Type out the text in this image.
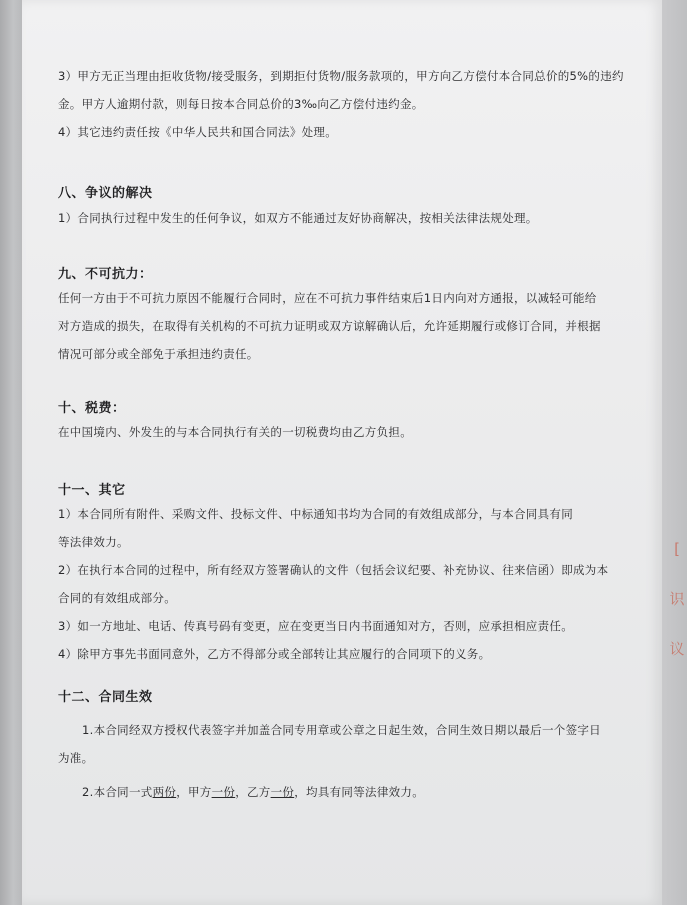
3）甲方无正当理由拒收货物/接受服务，到期拒付货物/服务款项的，甲方向乙方偿付本合同总价的5%的违约
金。甲方人逾期付款，则每日按本合同总价的3‰向乙方偿付违约金。
4）其它违约责任按《中华人民共和国合同法》处理。
八、争议的解决
1）合同执行过程中发生的任何争议，如双方不能通过友好协商解决，按相关法律法规处理。
九、不可抗力：
任何一方由于不可抗力原因不能履行合同时，应在不可抗力事件结束后1日内向对方通报，以减轻可能给
对方造成的损失，在取得有关机构的不可抗力证明或双方谅解确认后，允许延期履行或修订合同，并根据
情况可部分或全部免于承担违约责任。
十、税费：
在中国境内、外发生的与本合同执行有关的一切税费均由乙方负担。
十一、其它
1）本合同所有附件、采购文件、投标文件、中标通知书均为合同的有效组成部分，与本合同具有同
等法律效力。
2）在执行本合同的过程中，所有经双方签署确认的文件（包括会议纪要、补充协议、往来信函）即成为本
合同的有效组成部分。
3）如一方地址、电话、传真号码有变更，应在变更当日内书面通知对方，否则，应承担相应责任。
4）除甲方事先书面同意外，乙方不得部分或全部转让其应履行的合同项下的义务。
十二、合同生效
1.本合同经双方授权代表签字并加盖合同专用章或公章之日起生效，合同生效日期以最后一个签字日
为准。
2.本合同一式两份，甲方一份，乙方一份，均具有同等法律效力。
[
识
议
